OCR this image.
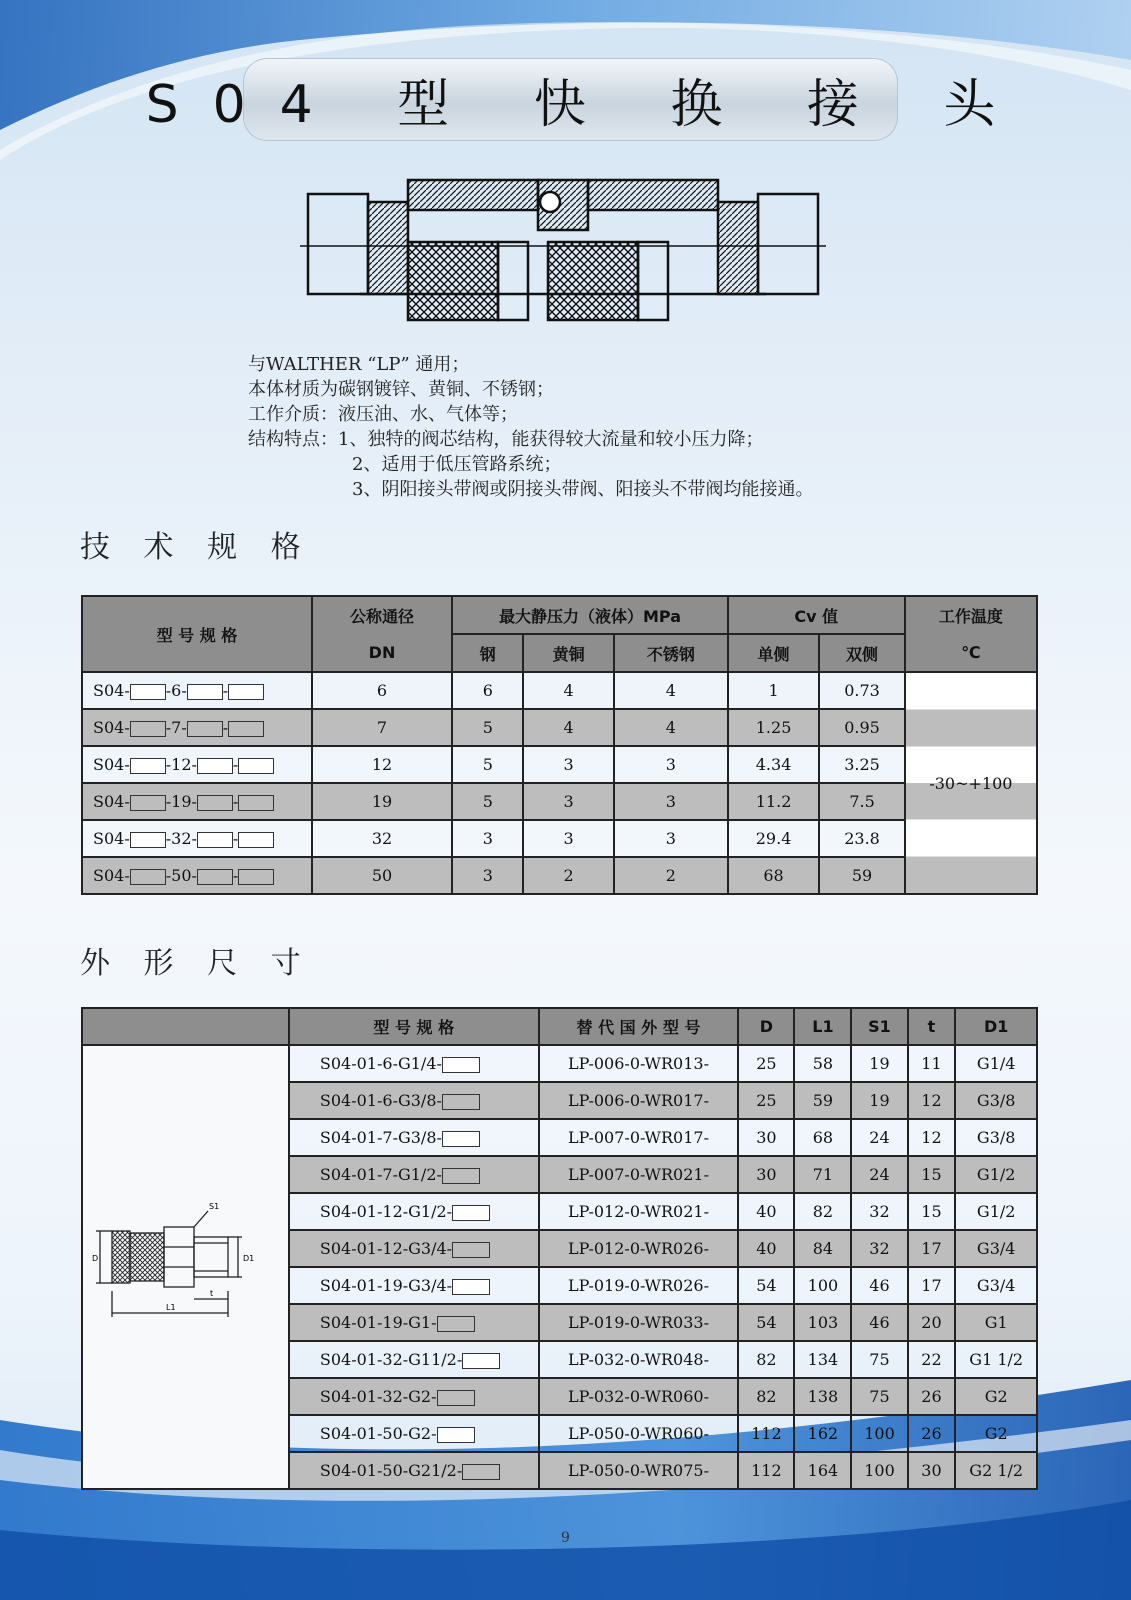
S04 型 快 换 接 头
与WALTHER “LP” 通用；
本体材质为碳钢镀锌、黄铜、不锈钢；
工作介质：液压油、水、气体等；
结构特点：1、独特的阀芯结构，能获得较大流量和较小压力降；
2、适用于低压管路系统；
3、阴阳接头带阀或阴接头带阀、阳接头不带阀均能接通。
技 术 规 格
型 号 规 格	公称通径	最大静压力（液体）MPa			Cv 值		工作温度
	DN	钢	黄铜	不锈钢	单侧	双侧	℃
S04- -6- -	6	6	4	4	1	0.73	-30~+100
S04- -7- -	7	5	4	4	1.25	0.95	
S04- -12- -	12	5	3	3	4.34	3.25	
S04- -19- -	19	5	3	3	11.2	7.5	
S04- -32- -	32	3	3	3	29.4	23.8	
S04- -50- -	50	3	2	2	68	59	
外 形 尺 寸
	型 号 规 格	替 代 国 外 型 号	D	L1	S1	t	D1

S1
D D1
t
L1	S04-01-6-G1/4-	LP-006-0-WR013-	25	58	19	11	G1/4
	S04-01-6-G3/8-	LP-006-0-WR017-	25	59	19	12	G3/8
	S04-01-7-G3/8-	LP-007-0-WR017-	30	68	24	12	G3/8
	S04-01-7-G1/2-	LP-007-0-WR021-	30	71	24	15	G1/2
	S04-01-12-G1/2-	LP-012-0-WR021-	40	82	32	15	G1/2
	S04-01-12-G3/4-	LP-012-0-WR026-	40	84	32	17	G3/4
	S04-01-19-G3/4-	LP-019-0-WR026-	54	100	46	17	G3/4
	S04-01-19-G1-	LP-019-0-WR033-	54	103	46	20	G1
	S04-01-32-G11/2-	LP-032-0-WR048-	82	134	75	22	G1 1/2
	S04-01-32-G2-	LP-032-0-WR060-	82	138	75	26	G2
	S04-01-50-G2-	LP-050-0-WR060-	112	162	100	26	G2
	S04-01-50-G21/2-	LP-050-0-WR075-	112	164	100	30	G2 1/2
9
